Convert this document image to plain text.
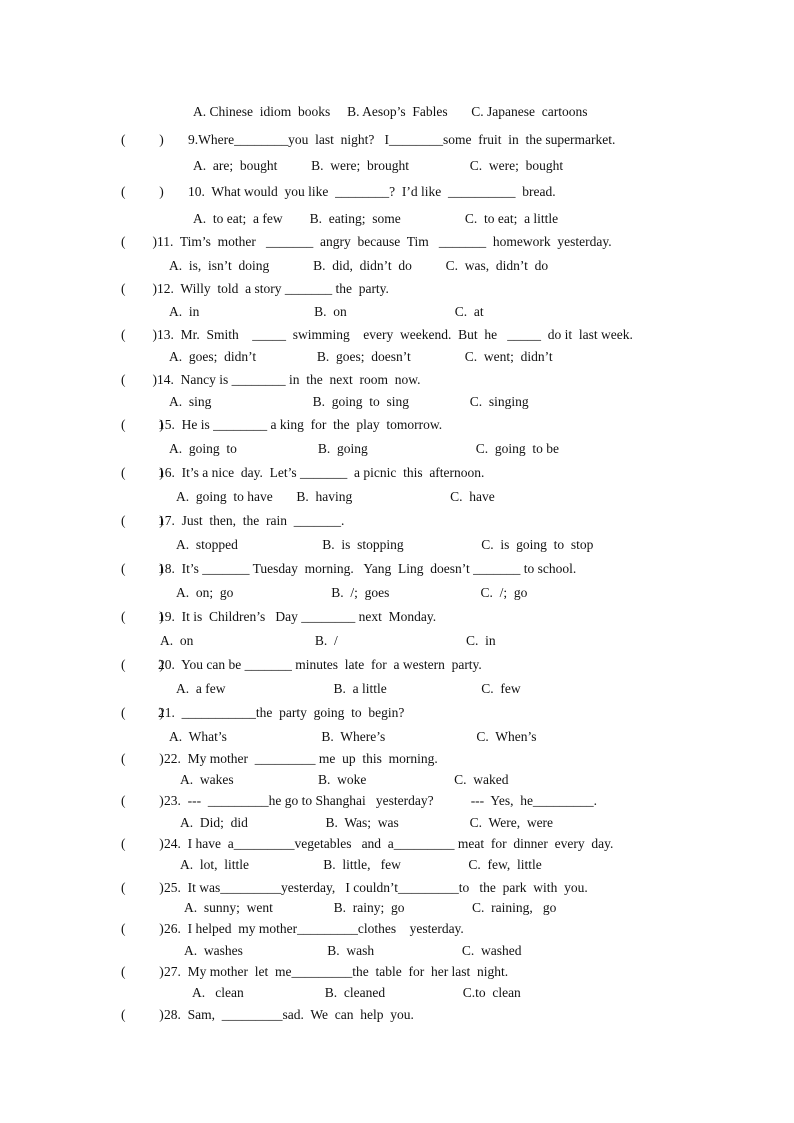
A. Chinese  idiom  books     B. Aesop’s  Fables       C. Japanese  cartoons
(          ) 9.Where________you  last  night?   I________some  fruit  in  the supermarket.
A.  are;  bought          B.  were;  brought                  C.  were;  bought
(          ) 10.  What would  you like  ________?  I’d like  __________  bread.
A.  to eat;  a few        B.  eating;  some                   C.  to eat;  a little
(        ) 11.  Tim’s  mother   _______  angry  because  Tim   _______  homework  yesterday.
A.  is,  isn’t  doing             B.  did,  didn’t  do          C.  was,  didn’t  do
(        ) 12.  Willy  told  a story _______ the  party.
A.  in                                  B.  on                                C.  at
(        ) 13.  Mr.  Smith    _____  swimming    every  weekend.  But  he   _____  do it  last week.
A.  goes;  didn’t                  B.  goes;  doesn’t                C.  went;  didn’t
(        ) 14.  Nancy is ________ in  the  next  room  now.
A.  sing                              B.  going  to  sing                  C.  singing
(          )
15.  He is ________ a king  for  the  play  tomorrow.
A.  going  to                        B.  going                                C.  going  to be
(          )
16.  It’s a nice  day.  Let’s _______  a picnic  this  afternoon.
A.  going  to have       B.  having                             C.  have
(          )
17.  Just  then,  the  rain  _______.
A.  stopped                         B.  is  stopping                       C.  is  going  to  stop
(          )
18.  It’s _______ Tuesday  morning.   Yang  Ling  doesn’t _______ to school.
A.  on;  go                             B.  /;  goes                           C.  /;  go
(          )
19.  It is  Children’s   Day ________ next  Monday.
A.  on                                    B.  /                                      C.  in
(          )
20.  You can be _______ minutes  late  for  a western  party.
A.  a few                                B.  a little                            C.  few
(          )
21.  ___________the  party  going  to  begin?
A.  What’s                            B.  Where’s                           C.  When’s
(          ) 22.  My mother  _________ me  up  this  morning.
A.  wakes                         B.  woke                          C.  waked
(          ) 23.  ---  _________he go to Shanghai   yesterday?           ---  Yes,  he_________.
A.  Did;  did                       B.  Was;  was                     C.  Were,  were
(          ) 24.  I have  a_________vegetables   and  a_________ meat  for  dinner  every  day.
A.  lot,  little                      B.  little,   few                    C.  few,  little
(          ) 25.  It was_________yesterday,   I couldn’t_________to   the  park  with  you.
A.  sunny;  went                  B.  rainy;  go                    C.  raining,   go
(          ) 26.  I helped  my mother_________clothes    yesterday.
A.  washes                         B.  wash                          C.  washed
(          ) 27.  My mother  let  me_________the  table  for  her last  night.
A.   clean                        B.  cleaned                       C.to  clean
(          ) 28.  Sam,  _________sad.  We  can  help  you.
